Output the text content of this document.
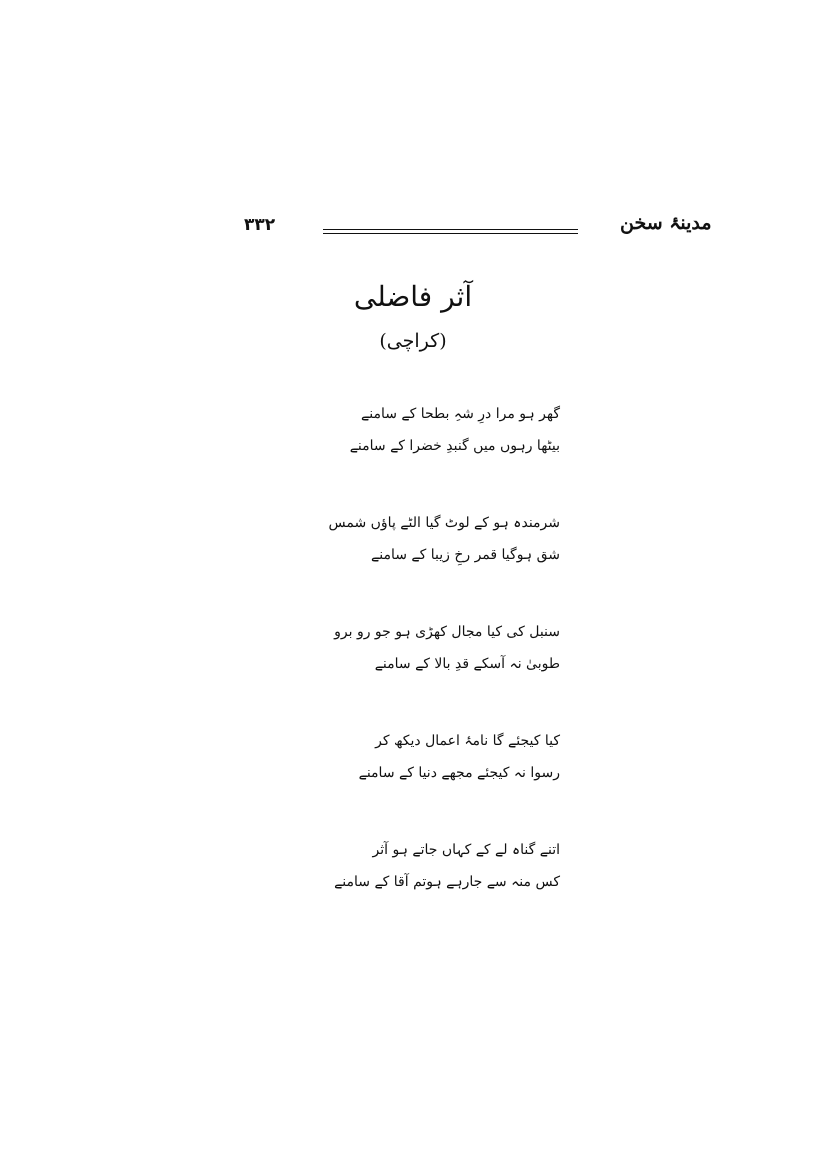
۳۳۲	مدینۂ سخن
آثر فاضلی
(کراچی)
گھر ہو مرا درِ شہِ بطحا کے سامنے
بیٹھا رہوں میں گنبدِ خضرا کے سامنے
شرمندہ ہو کے لوٹ گیا الٹے پاؤں شمس
شق ہوگیا قمر رخِ زیبا کے سامنے
سنبل کی کیا مجال کھڑی ہو جو رو برو
طوبیٰ نہ آسکے قدِ بالا کے سامنے
کیا کیجئے گا نامۂ اعمال دیکھ کر
رسوا نہ کیجئے مجھے دنیا کے سامنے
اتنے گناہ لے کے کہاں جاتے ہو آثر
کس منہ سے جارہے ہوتم آقا کے سامنے
